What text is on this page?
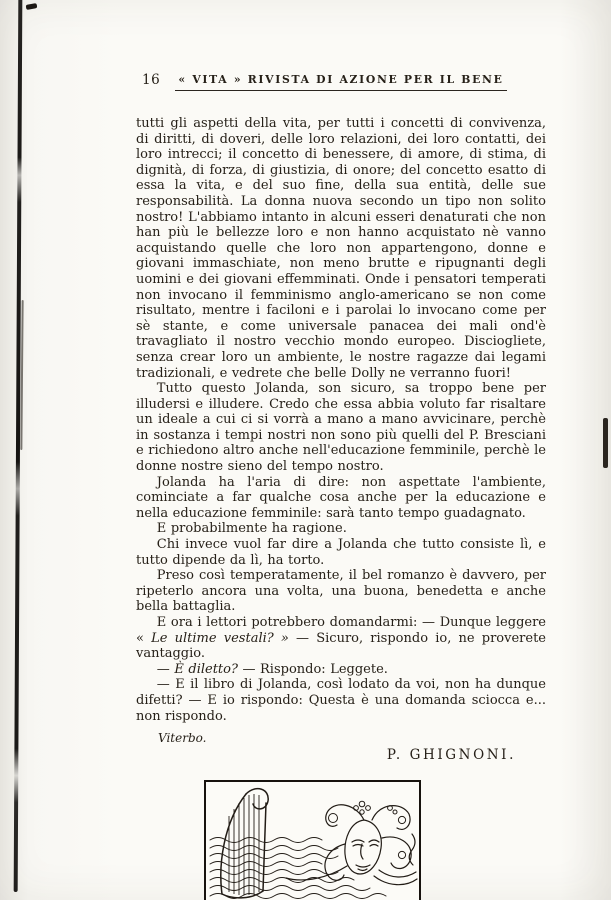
16 « VITA » RIVISTA DI AZIONE PER IL BENE

tutti gli aspetti della vita, per tutti i concetti di convivenza, di diritti, di doveri, delle loro relazioni, dei loro contatti, dei loro intrecci; il concetto di benessere, di amore, di stima, di dignità, di forza, di giustizia, di onore; del concetto esatto di essa la vita, e del suo fine, della sua entità, delle sue responsabilità. La donna nuova secondo un tipo non solito nostro! L'abbiamo intanto in alcuni esseri denaturati che non han più le bellezze loro e non hanno acquistato nè vanno acquistando quelle che loro non appartengono, donne e giovani immaschiate, non meno brutte e ripugnanti degli uomini e dei giovani effemminati. Onde i pensatori temperati non invocano il femminismo anglo-americano se non come risultato, mentre i faciloni e i parolai lo invocano come per sè stante, e come universale panacea dei mali ond'è travagliato il nostro vecchio mondo europeo. Disciogliete, senza crear loro un ambiente, le nostre ragazze dai legami tradizionali, e vedrete che belle Dolly ne verranno fuori!

Tutto questo Jolanda, son sicuro, sa troppo bene per illudersi e illudere. Credo che essa abbia voluto far risaltare un ideale a cui ci si vorrà a mano a mano avvicinare, perchè in sostanza i tempi nostri non sono più quelli del P. Bresciani e richiedono altro anche nell'educazione femminile, perchè le donne nostre sieno del tempo nostro.

Jolanda ha l'aria di dire: non aspettate l'ambiente, cominciate a far qualche cosa anche per la educazione e nella educazione femminile: sarà tanto tempo guadagnato.

E probabilmente ha ragione.

Chi invece vuol far dire a Jolanda che tutto consiste lì, e tutto dipende da lì, ha torto.

Preso così temperatamente, il bel romanzo è davvero, per ripeterlo ancora una volta, una buona, benedetta e anche bella battaglia.

E ora i lettori potrebbero domandarmi: — Dunque leggere « Le ultime vestali? » — Sicuro, rispondo io, ne proverete vantaggio.

— È diletto? — Rispondo: Leggete.

— E il libro di Jolanda, così lodato da voi, non ha dunque difetti? — E io rispondo: Questa è una domanda sciocca e... non rispondo.

Viterbo.

P. GHIGNONI.
